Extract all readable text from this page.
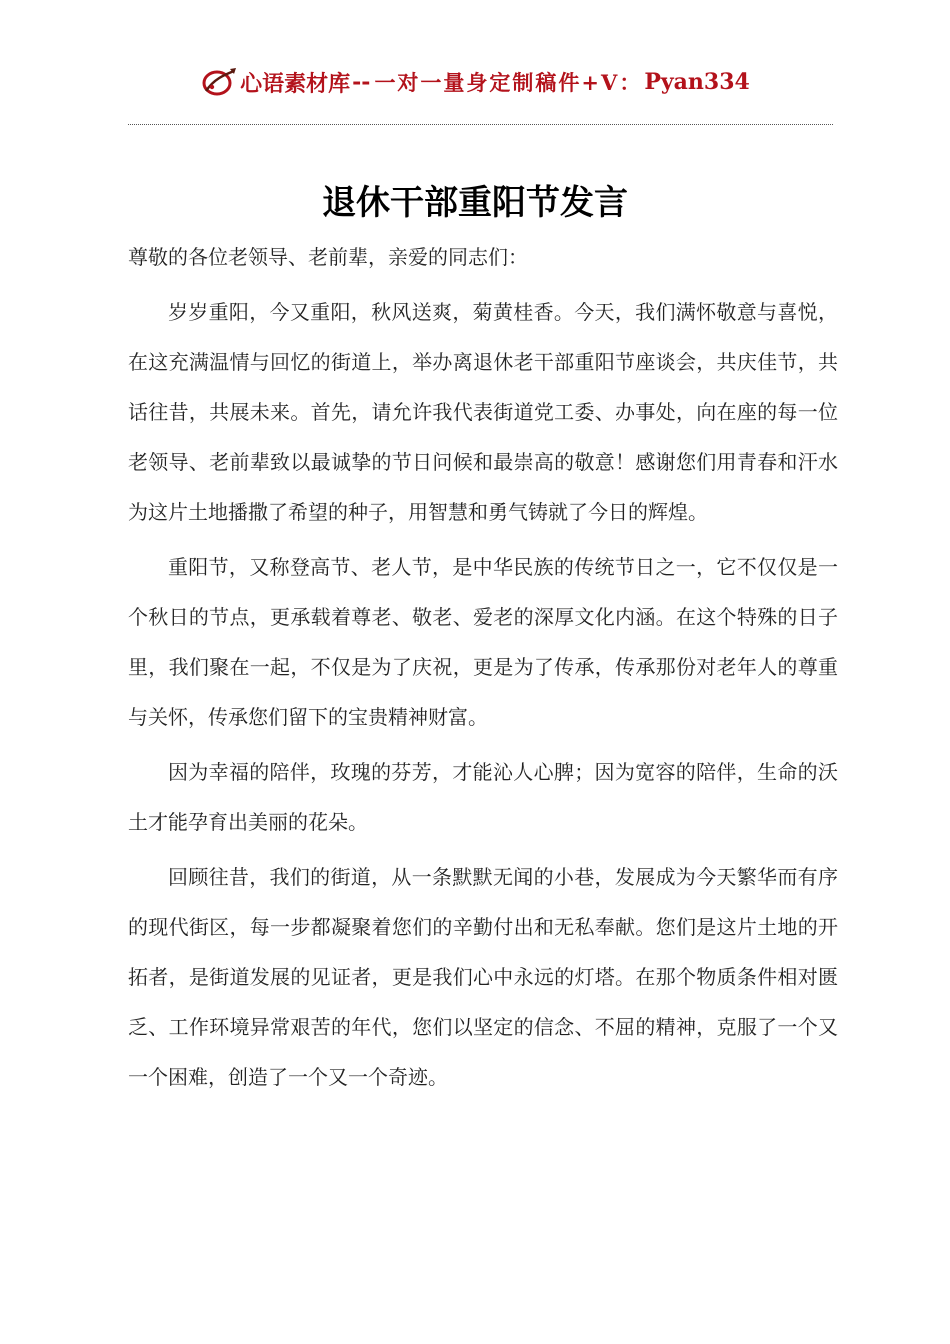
心语素材库 -- 一对一量身定制稿件+V： Pyan334
退休干部重阳节发言

尊敬的各位老领导、老前辈，亲爱的同志们：

岁岁重阳，今又重阳，秋风送爽，菊黄桂香。今天，我们满怀敬意与喜悦，在这充满温情与回忆的街道上，举办离退休老干部重阳节座谈会，共庆佳节，共话往昔，共展未来。首先，请允许我代表街道党工委、办事处，向在座的每一位老领导、老前辈致以最诚挚的节日问候和最崇高的敬意！感谢您们用青春和汗水为这片土地播撒了希望的种子，用智慧和勇气铸就了今日的辉煌。

重阳节，又称登高节、老人节，是中华民族的传统节日之一，它不仅仅是一个秋日的节点，更承载着尊老、敬老、爱老的深厚文化内涵。在这个特殊的日子里，我们聚在一起，不仅是为了庆祝，更是为了传承，传承那份对老年人的尊重与关怀，传承您们留下的宝贵精神财富。

因为幸福的陪伴，玫瑰的芬芳，才能沁人心脾；因为宽容的陪伴，生命的沃土才能孕育出美丽的花朵。

回顾往昔，我们的街道，从一条默默无闻的小巷，发展成为今天繁华而有序的现代街区，每一步都凝聚着您们的辛勤付出和无私奉献。您们是这片土地的开拓者，是街道发展的见证者，更是我们心中永远的灯塔。在那个物质条件相对匮乏、工作环境异常艰苦的年代，您们以坚定的信念、不屈的精神，克服了一个又一个困难，创造了一个又一个奇迹。
